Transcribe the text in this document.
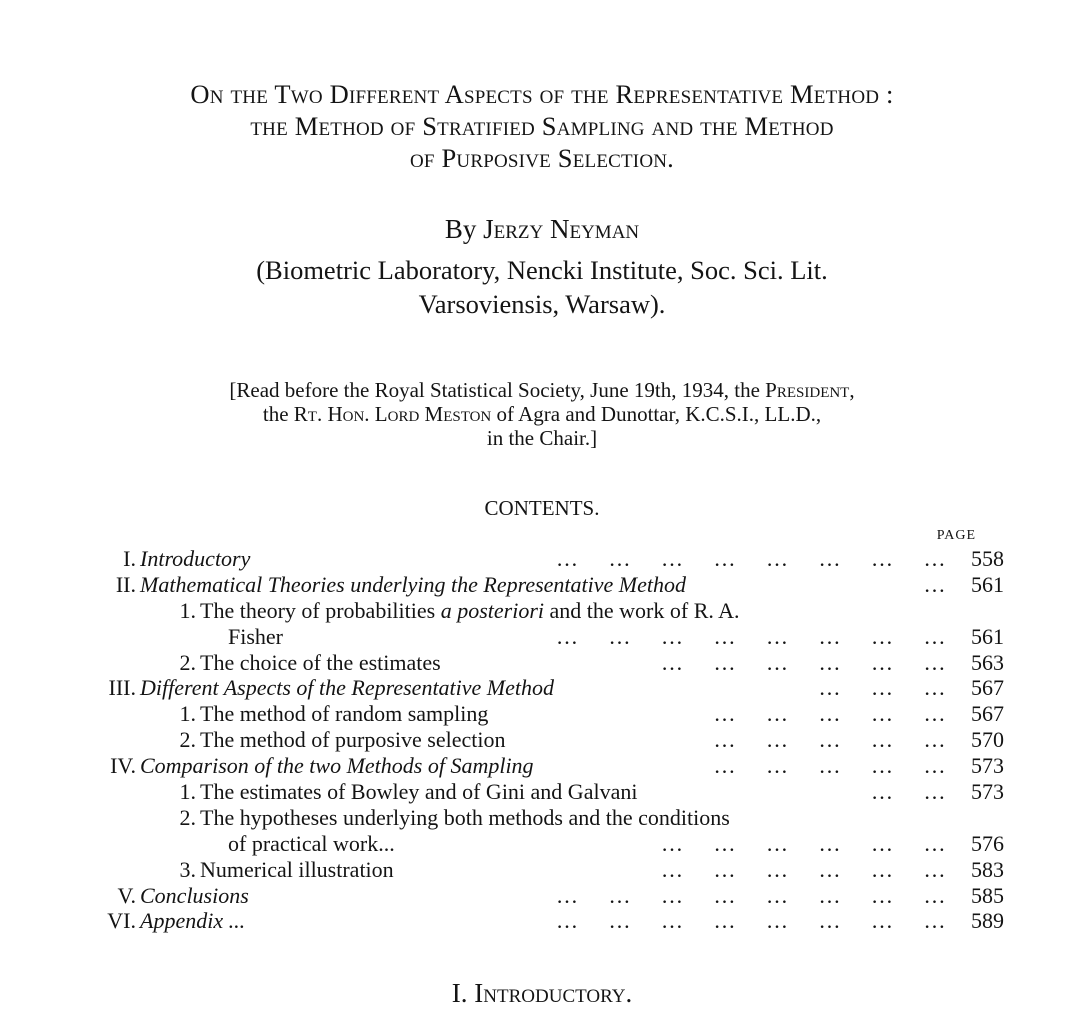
On the Two Different Aspects of the Representative Method :
the Method of Stratified Sampling and the Method
of Purposive Selection.
By Jerzy Neyman
(Biometric Laboratory, Nencki Institute, Soc. Sci. Lit.
Varsoviensis, Warsaw).
[Read before the Royal Statistical Society, June 19th, 1934, the President,
the Rt. Hon. Lord Meston of Agra and Dunottar, K.C.S.I., LL.D.,
in the Chair.]
CONTENTS.
PAGE
I. Introductory	…     …     …     …     …     …     …     …	558
II. Mathematical Theories underlying the Representative Method	…	561
1. The theory of probabilities a posteriori and the work of R. A.
Fisher	…     …     …     …     …     …     …     …	561
2. The choice of the estimates	…     …     …     …     …     …	563
III. Different Aspects of the Representative Method	…     …     …	567
1. The method of random sampling	…     …     …     …     …	567
2. The method of purposive selection	…     …     …     …     …	570
IV. Comparison of the two Methods of Sampling	…     …     …     …     …	573
1. The estimates of Bowley and of Gini and Galvani	…     …	573
2. The hypotheses underlying both methods and the conditions
of practical work...	…     …     …     …     …     …	576
3. Numerical illustration	…     …     …     …     …     …	583
V. Conclusions	…     …     …     …     …     …     …     …	585
VI. Appendix ...	…     …     …     …     …     …     …     …	589
I. Introductory.
